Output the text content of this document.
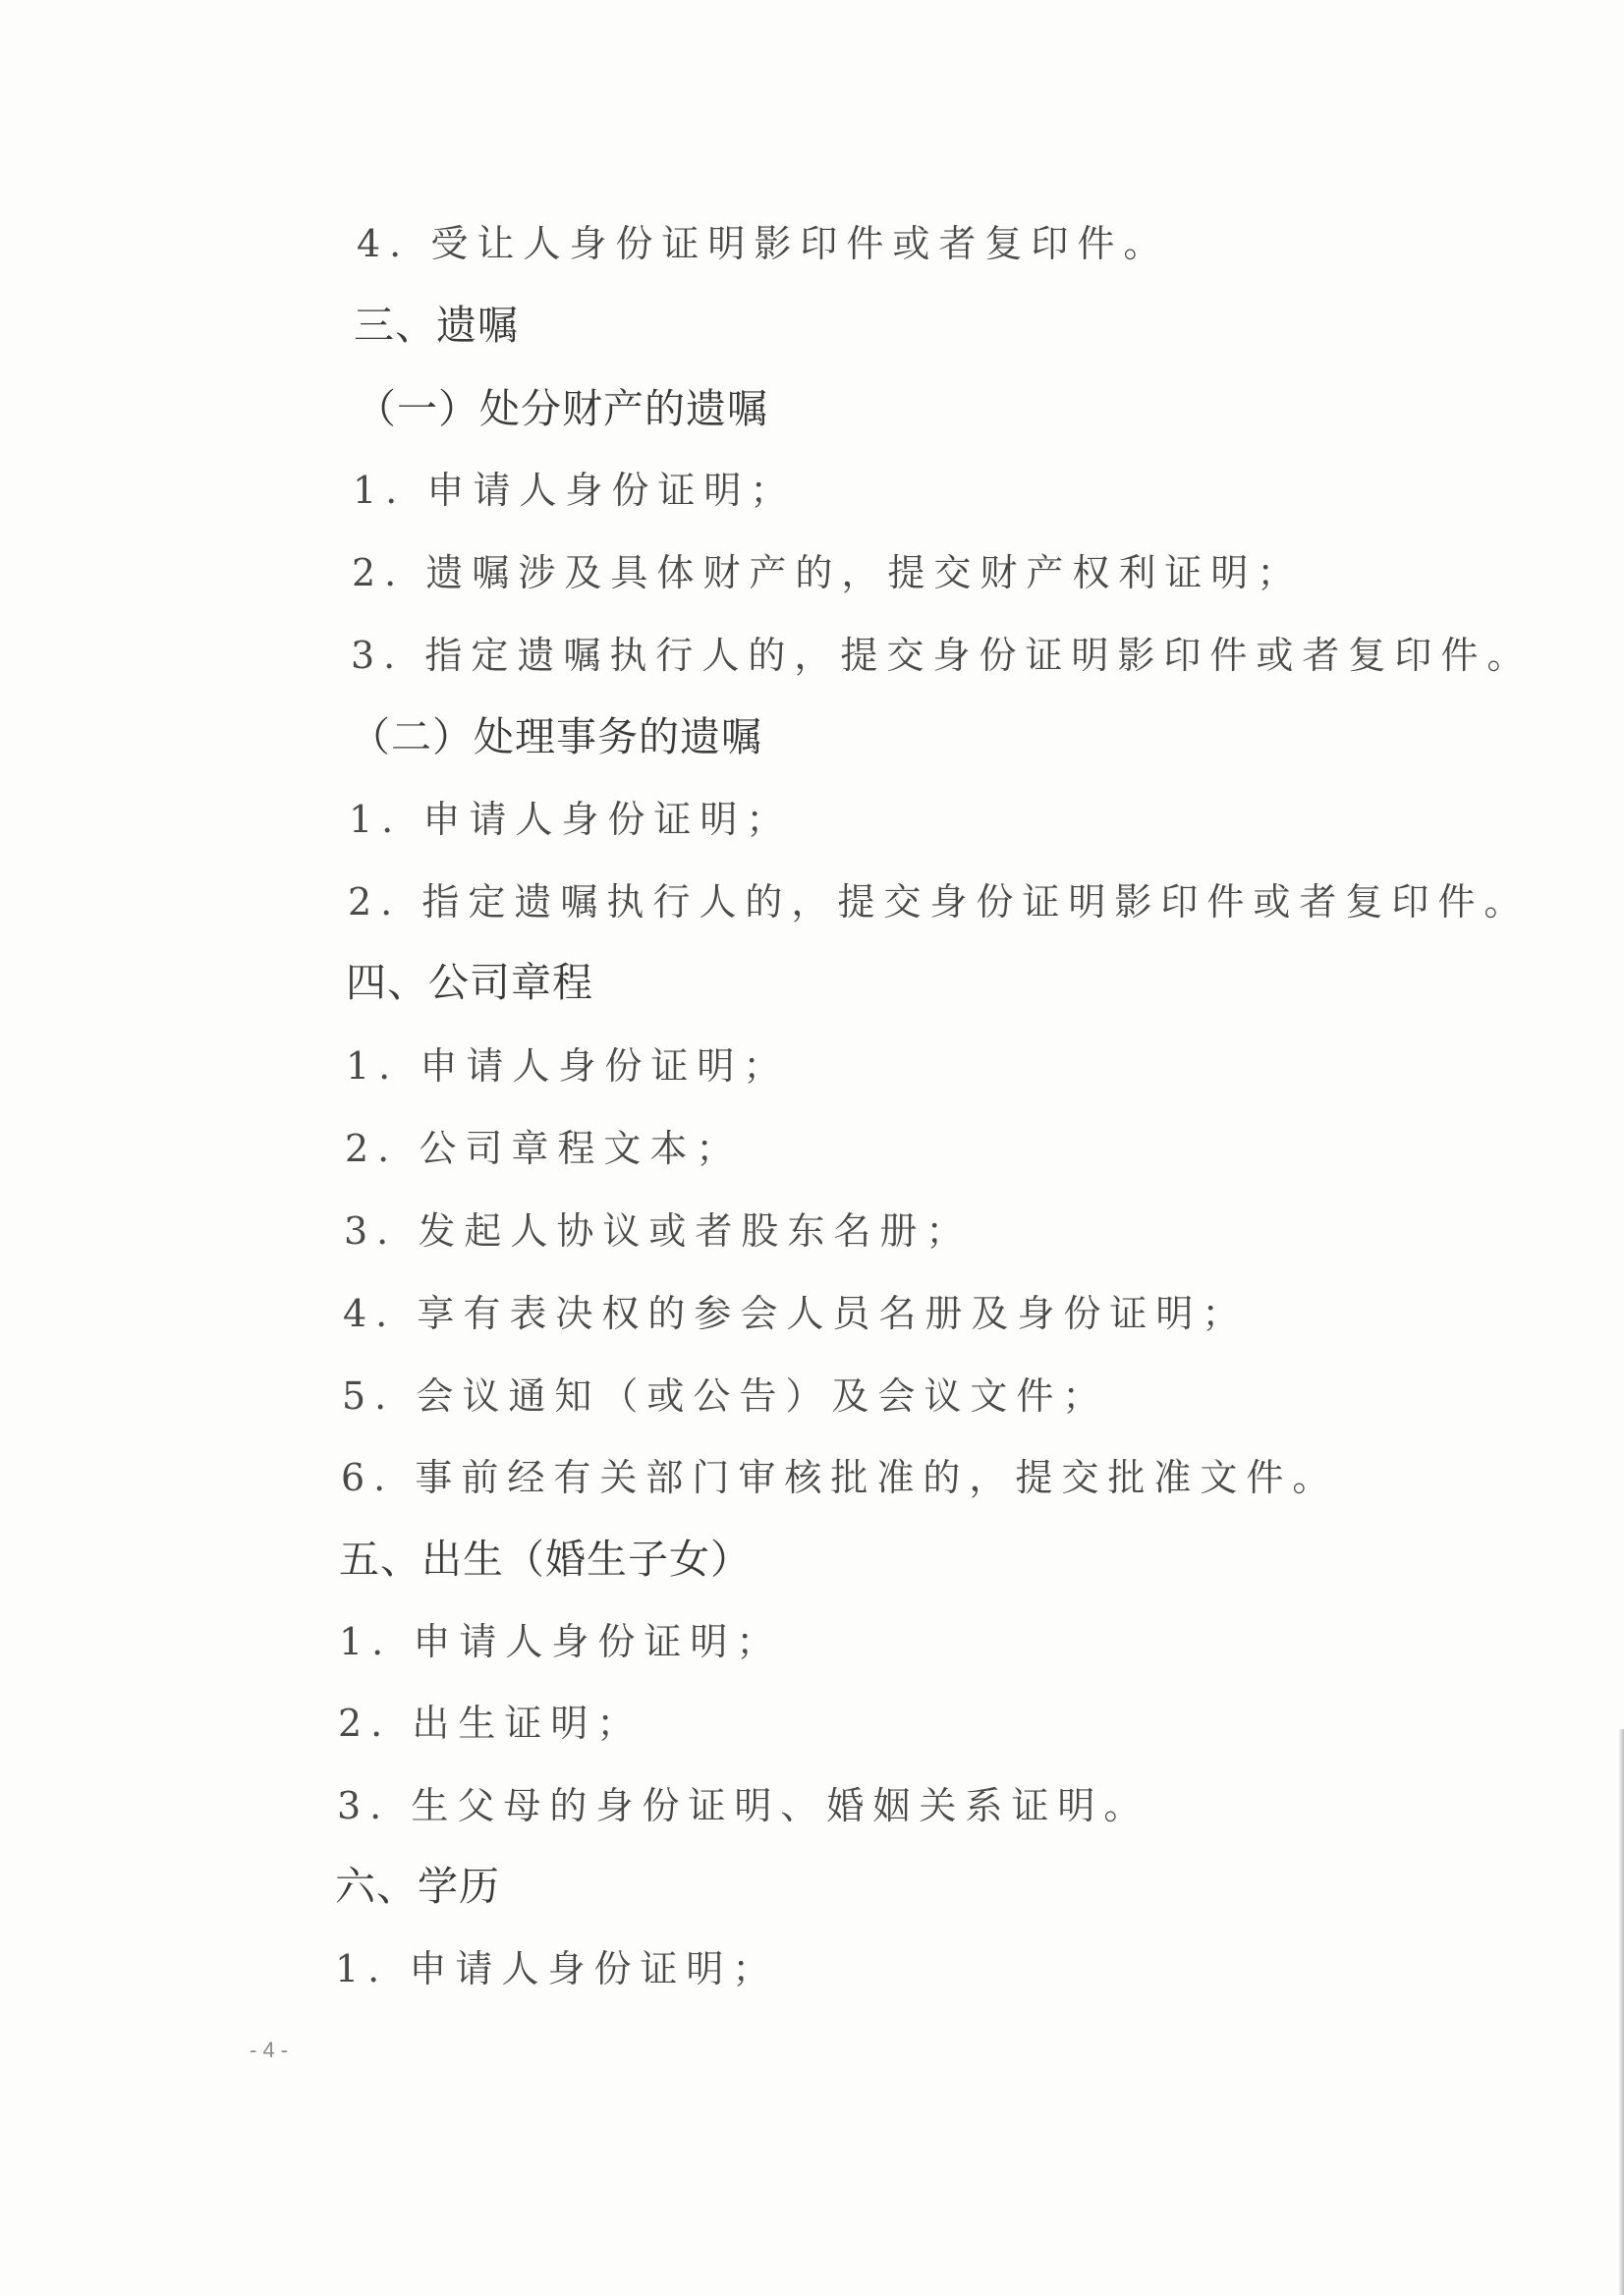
4. 受让人身份证明影印件或者复印件。
三、遗嘱
（一）处分财产的遗嘱
1. 申请人身份证明；
2. 遗嘱涉及具体财产的，提交财产权利证明；
3. 指定遗嘱执行人的，提交身份证明影印件或者复印件。
（二）处理事务的遗嘱
1. 申请人身份证明；
2. 指定遗嘱执行人的，提交身份证明影印件或者复印件。
四、公司章程
1. 申请人身份证明；
2. 公司章程文本；
3. 发起人协议或者股东名册；
4. 享有表决权的参会人员名册及身份证明；
5. 会议通知（或公告）及会议文件；
6. 事前经有关部门审核批准的，提交批准文件。
五、出生（婚生子女）
1. 申请人身份证明；
2. 出生证明；
3. 生父母的身份证明、婚姻关系证明。
六、学历
1. 申请人身份证明；
- 4 -
